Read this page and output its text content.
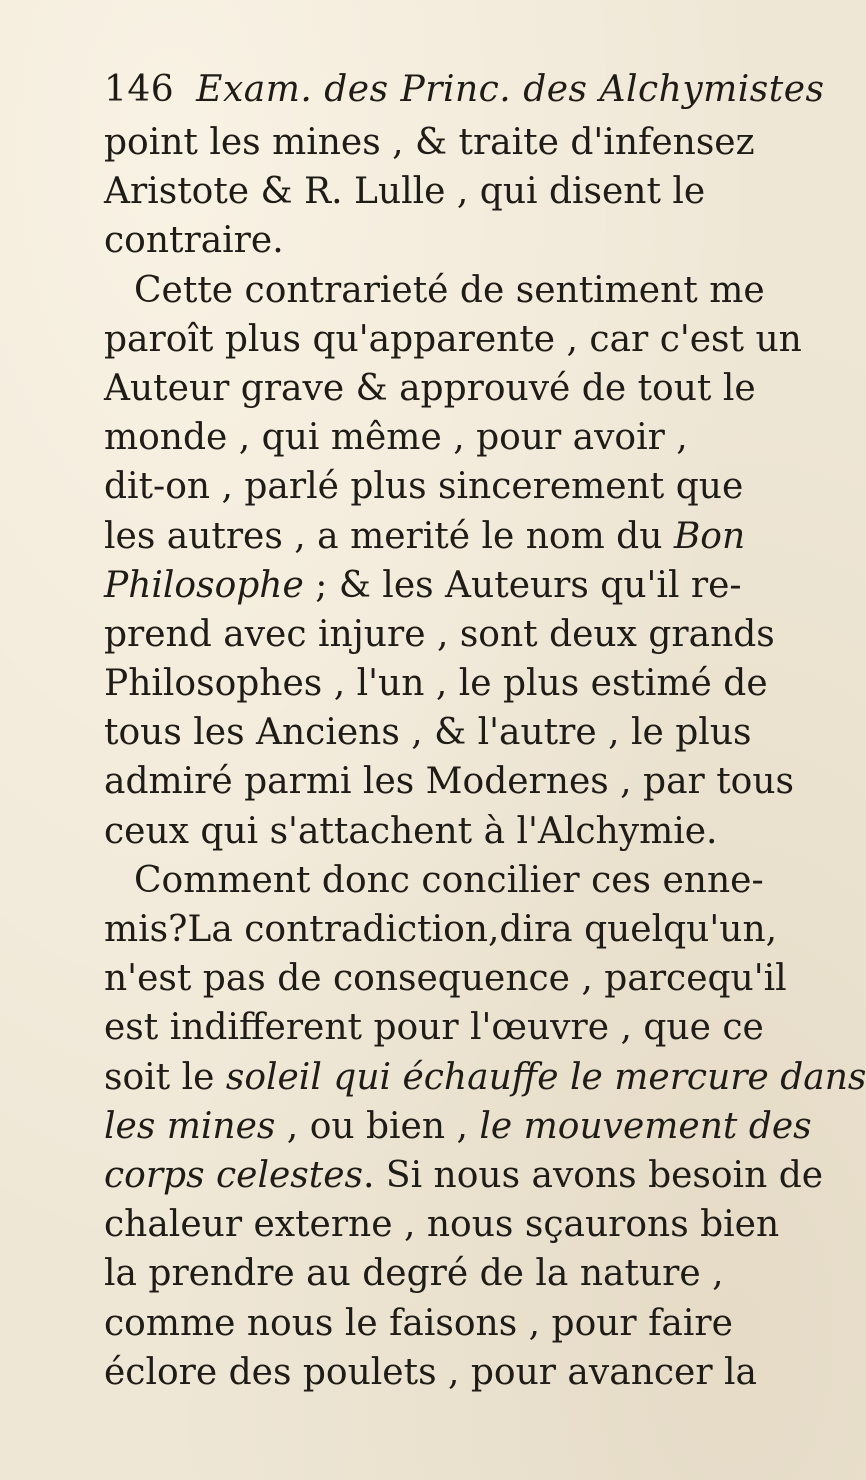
146 Exam. des Princ. des Alchymistes
point les mines , & traite d'infensez
Aristote & R. Lulle , qui disent le
contraire.
Cette contrarieté de sentiment me
paroît plus qu'apparente , car c'est un
Auteur grave & approuvé de tout le
monde , qui même , pour avoir ,
dit-on , parlé plus sincerement que
les autres , a merité le nom du Bon
Philosophe ; & les Auteurs qu'il re-
prend avec injure , sont deux grands
Philosophes , l'un , le plus estimé de
tous les Anciens , & l'autre , le plus
admiré parmi les Modernes , par tous
ceux qui s'attachent à l'Alchymie.
Comment donc concilier ces enne-
mis?La contradiction,dira quelqu'un,
n'est pas de consequence , parcequ'il
est indifferent pour l'œuvre , que ce
soit le soleil qui échauffe le mercure dans
les mines , ou bien , le mouvement des
corps celestes. Si nous avons besoin de
chaleur externe , nous sçaurons bien
la prendre au degré de la nature ,
comme nous le faisons , pour faire
éclore des poulets , pour avancer la
